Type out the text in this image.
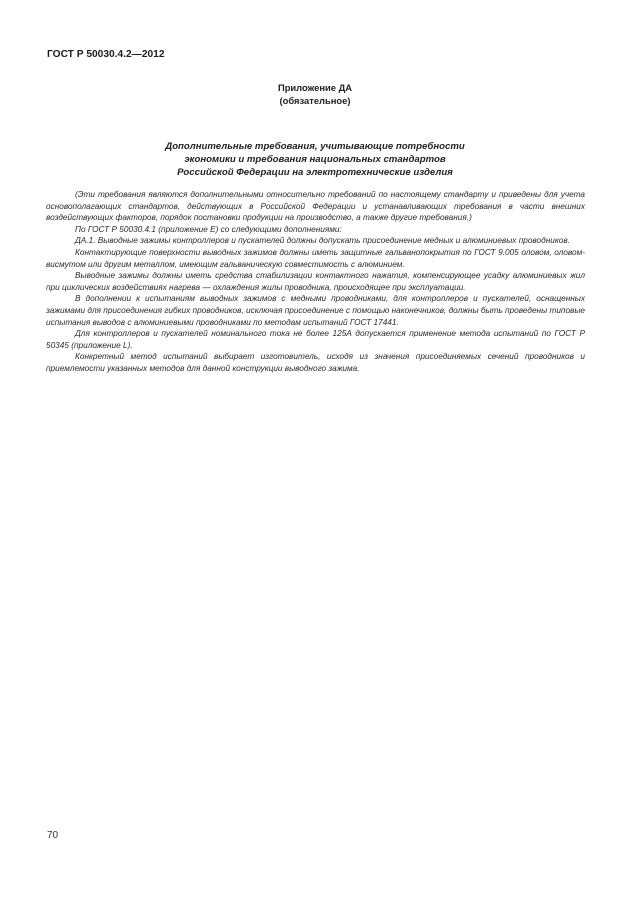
ГОСТ Р 50030.4.2—2012
Приложение ДА
(обязательное)
Дополнительные требования, учитывающие потребности
экономики и требования национальных стандартов
Российской Федерации на электротехнические изделия

(Эти требования являются дополнительными относительно требований по настоящему стандарту и приведены для учета основополагающих стандартов, действующих в Российской Федерации и устанавливающих требования в части внешних воздействующих факторов, порядок постановки продукции на производство, а также другие требования.)

По ГОСТ Р 50030.4.1 (приложение Е) со следующими дополнениями:

ДА.1. Выводные зажимы контроллеров и пускателей должны допускать присоединение медных и алюминиевых проводников.

Контактирующие поверхности выводных зажимов должны иметь защитные гальванопокрытия по ГОСТ 9.005 оловом, оловом-висмутом или другим металлом, имеющим гальваническую совместимость с алюминием.

Выводные зажимы должны иметь средства стабилизации контактного нажатия, компенсирующее усадку алюминиевых жил при циклических воздействиях нагрева — охлаждения жилы проводника, происходящее при эксплуатации.

В дополнении к испытаниям выводных зажимов с медными проводниками, для контроллеров и пускателей, оснащенных зажимами для присоединения гибких проводников, исключая присоединение с помощью наконечников, должны быть проведены типовые испытания выводов с алюминиевыми проводниками по методам испытаний ГОСТ 17441.

Для контроллеров и пускателей номинального тока не более 125А допускается применение метода испытаний по ГОСТ Р 50345 (приложение L).

Конкретный метод испытаний выбирает изготовитель, исходя из значения присоединяемых сечений проводников и приемлемости указанных методов для данной конструкции выводного зажима.

70
